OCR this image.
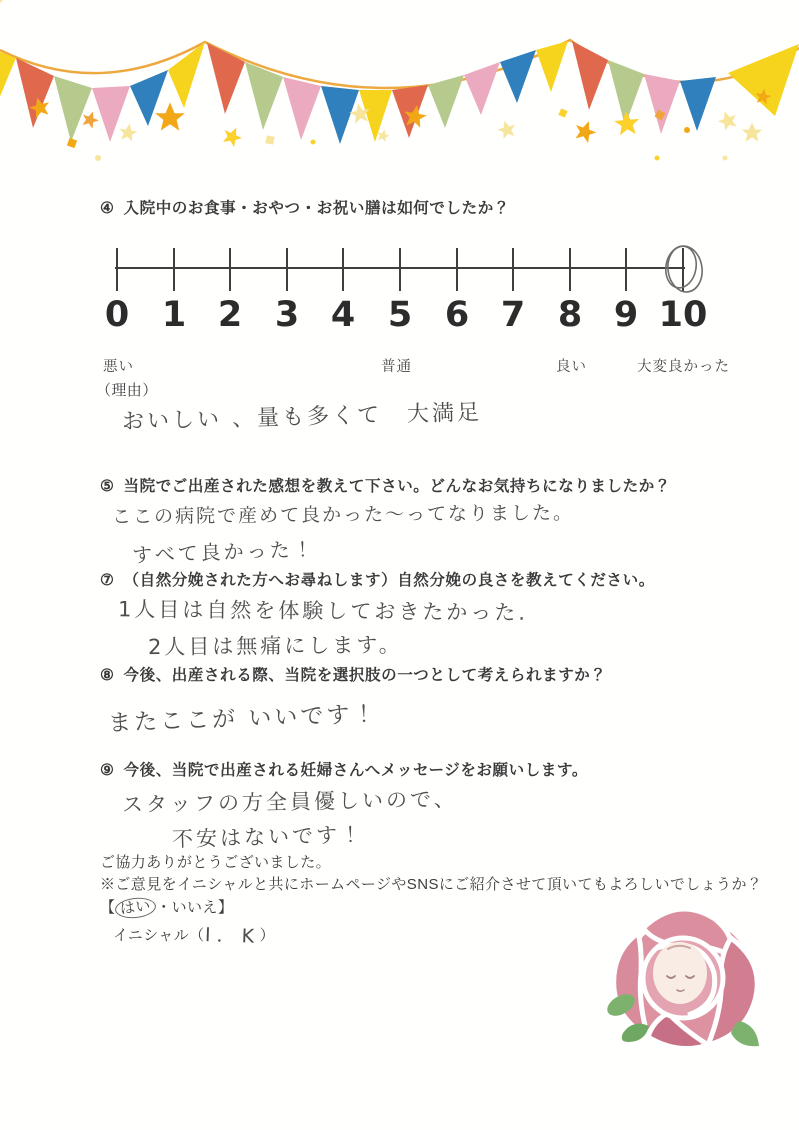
④ 入院中のお食事・おやつ・お祝い膳は如何でしたか？
0 1 2 3 4 5 6 7 8 9 10
悪い	普通	良い	大変良かった
（理由）
おいしい 、量も多くて　大満足
⑤ 当院でご出産された感想を教えて下さい。どんなお気持ちになりましたか？
ここの病院で産めて良かった～ってなりました。
すべて良かった！
⑦ （自然分娩された方へお尋ねします）自然分娩の良さを教えてください。
1人目は自然を体験しておきたかった.
2人目は無痛にします。
⑧ 今後、出産される際、当院を選択肢の一つとして考えられますか？
またここが いいです！
⑨ 今後、当院で出産される妊婦さんへメッセージをお願いします。
スタッフの方全員優しいので、
不安はないです！
ご協力ありがとうございました。
※ご意見をイニシャルと共にホームページやSNSにご紹介させて頂いてもよろしいでしょうか？
【 はい ・いいえ】
イニシャル（I．K）
